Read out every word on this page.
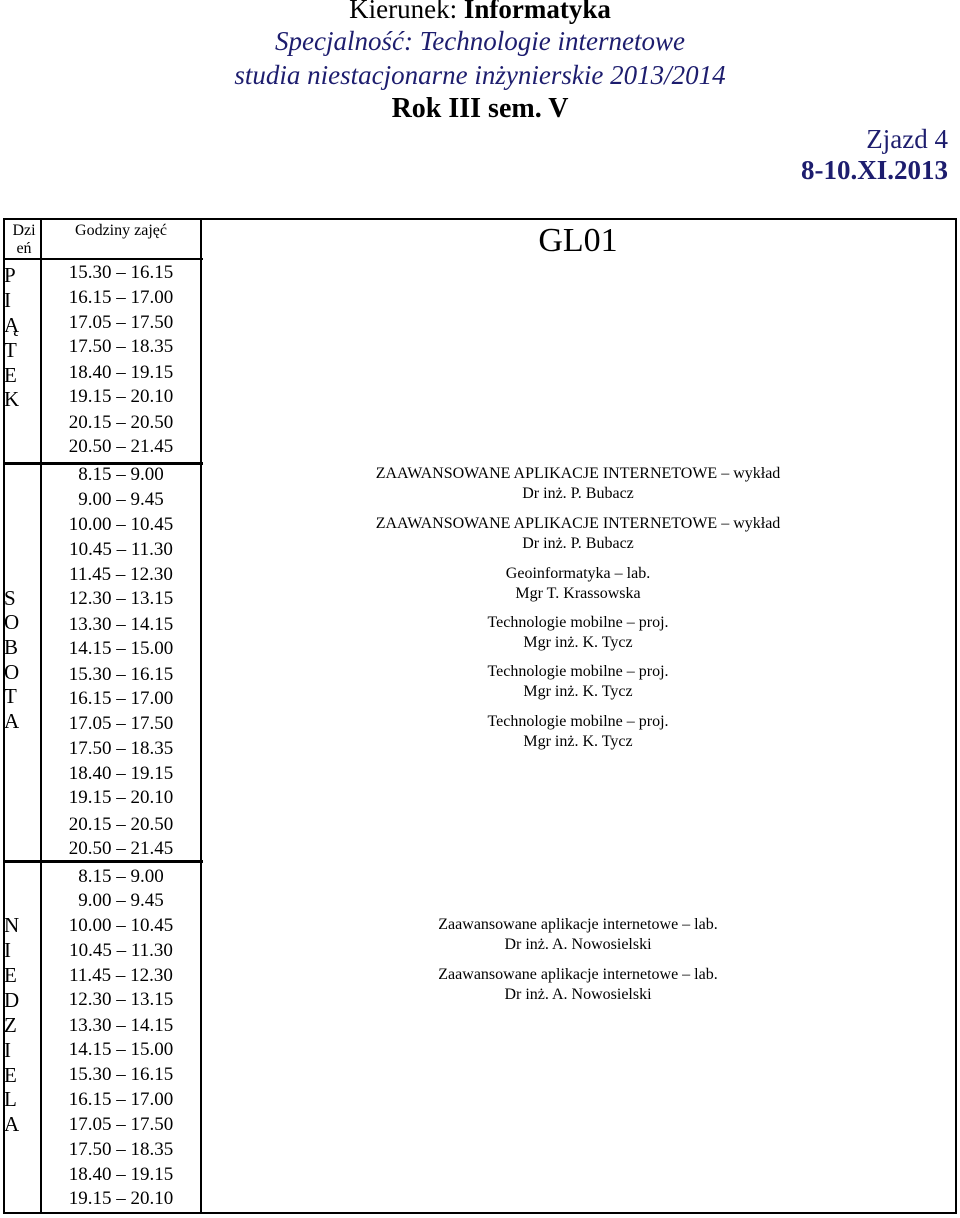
Kierunek: Informatyka
Specjalność: Technologie internetowe
studia niestacjonarne inżynierskie 2013/2014
Rok III sem. V
Zjazd 4
8-10.XI.2013
Dzi
eń
Godziny zajęć	GL01
P
I
Ą
T
E
K
S
O
B
O
T
A
N
I
E
D
Z
I
E
L
A
15.30 – 16.15
16.15 – 17.00
17.05 – 17.50
17.50 – 18.35
18.40 – 19.15
19.15 – 20.10
20.15 – 20.50
20.50 – 21.45
8.15 – 9.00
9.00 – 9.45
10.00 – 10.45
10.45 – 11.30
11.45 – 12.30
12.30 – 13.15
13.30 – 14.15
14.15 – 15.00
15.30 – 16.15
16.15 – 17.00
17.05 – 17.50
17.50 – 18.35
18.40 – 19.15
19.15 – 20.10
20.15 – 20.50
20.50 – 21.45
8.15 – 9.00
9.00 – 9.45
10.00 – 10.45
10.45 – 11.30
11.45 – 12.30
12.30 – 13.15
13.30 – 14.15
14.15 – 15.00
15.30 – 16.15
16.15 – 17.00
17.05 – 17.50
17.50 – 18.35
18.40 – 19.15
19.15 – 20.10
ZAAWANSOWANE APLIKACJE INTERNETOWE – wykład
Dr inż. P. Bubacz
ZAAWANSOWANE APLIKACJE INTERNETOWE – wykład
Dr inż. P. Bubacz
Geoinformatyka – lab.
Mgr T. Krassowska
Technologie mobilne – proj.
Mgr inż. K. Tycz
Technologie mobilne – proj.
Mgr inż. K. Tycz
Technologie mobilne – proj.
Mgr inż. K. Tycz
Zaawansowane aplikacje internetowe – lab.
Dr inż. A. Nowosielski
Zaawansowane aplikacje internetowe – lab.
Dr inż. A. Nowosielski
